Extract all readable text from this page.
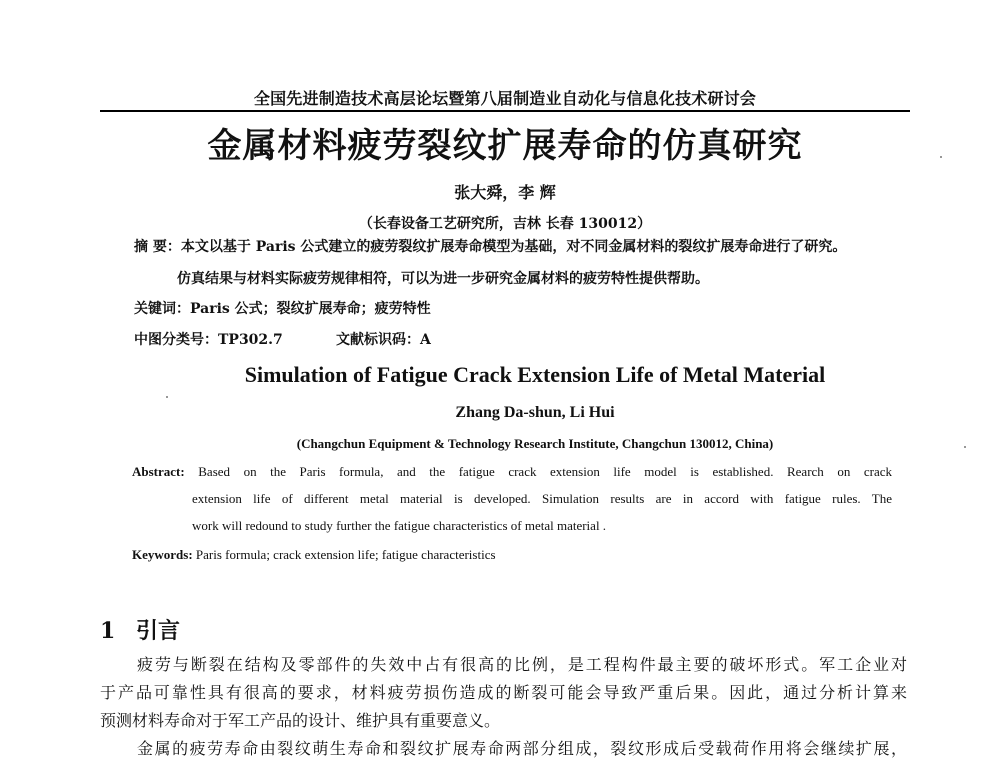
全国先进制造技术高层论坛暨第八届制造业自动化与信息化技术研讨会
金属材料疲劳裂纹扩展寿命的仿真研究
张大舜，李 辉
（长春设备工艺研究所，吉林 长春 130012）
摘 要：本文以基于 Paris 公式建立的疲劳裂纹扩展寿命模型为基础，对不同金属材料的裂纹扩展寿命进行了研究。
仿真结果与材料实际疲劳规律相符，可以为进一步研究金属材料的疲劳特性提供帮助。
关键词：Paris 公式；裂纹扩展寿命；疲劳特性
中图分类号：TP302.7	文献标识码：A
Simulation of Fatigue Crack Extension Life of Metal Material
Zhang Da-shun, Li Hui
(Changchun Equipment & Technology Research Institute, Changchun 130012, China)
Abstract: Based on the Paris formula, and the fatigue crack extension life model is established. Rearch on crack
extension life of different metal material is developed. Simulation results are in accord with fatigue rules. The
work will redound to study further the fatigue characteristics of metal material .
Keywords: Paris formula; crack extension life; fatigue characteristics
1 引言
疲劳与断裂在结构及零部件的失效中占有很高的比例，是工程构件最主要的破坏形式。军工企业对
于产品可靠性具有很高的要求，材料疲劳损伤造成的断裂可能会导致严重后果。因此，通过分析计算来
预测材料寿命对于军工产品的设计、维护具有重要意义。
金属的疲劳寿命由裂纹萌生寿命和裂纹扩展寿命两部分组成，裂纹形成后受载荷作用将会继续扩展，
